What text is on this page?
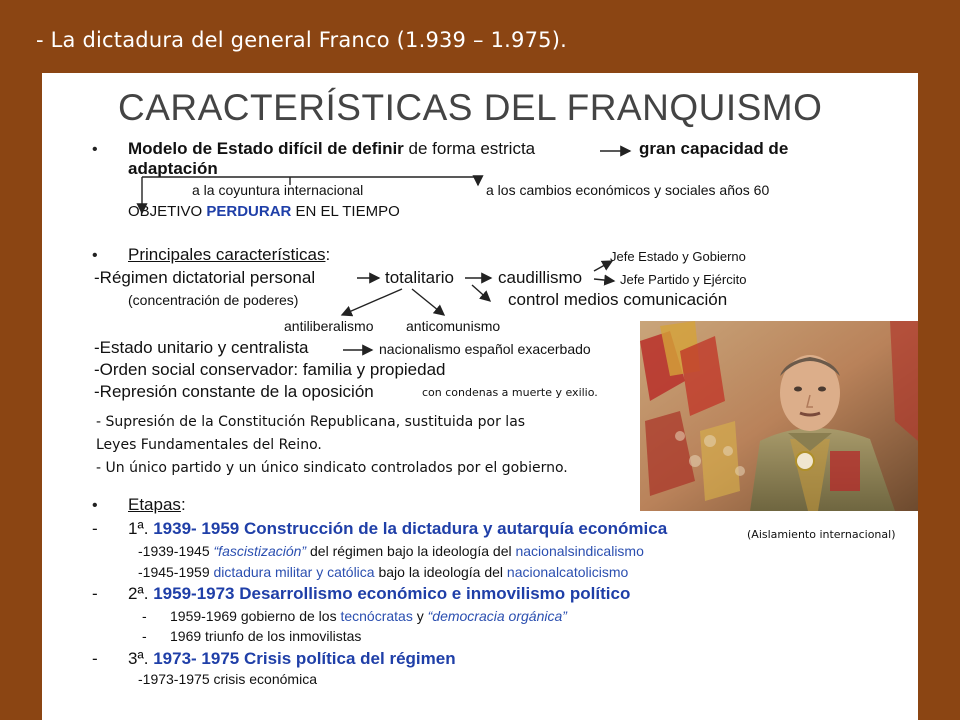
- La dictadura del general Franco (1.939 – 1.975).
CARACTERÍSTICAS DEL FRANQUISMO
• Modelo de Estado difícil de definir de forma estricta	gran capacidad de
adaptación
a la coyuntura internacional	a los cambios económicos y sociales años 60
OBJETIVO PERDURAR EN EL TIEMPO
• Principales características:	Jefe Estado y Gobierno
-Régimen dictatorial personal	totalitario	caudillismo	Jefe Partido y Ejército
(concentración de poderes)	control medios comunicación
antiliberalismo anticomunismo
-Estado unitario y centralista	nacionalismo español exacerbado
-Orden social conservador: familia y propiedad
-Represión constante de la oposición	con condenas a muerte y exilio.
- Supresión de la Constitución Republicana, sustituida por las
Leyes Fundamentales del Reino.
- Un único partido y un único sindicato controlados por el gobierno.
(Aislamiento internacional)
• Etapas:
- 1ª. 1939- 1959 Construcción de la dictadura y autarquía económica
-1939-1945 “fascistización” del régimen bajo la ideología del nacionalsindicalismo
-1945-1959 dictadura militar y católica bajo la ideología del nacionalcatolicismo
- 2ª. 1959-1973 Desarrollismo económico e inmovilismo político
- 1959-1969 gobierno de los tecnócratas y “democracia orgánica”
- 1969 triunfo de los inmovilistas
- 3ª. 1973- 1975 Crisis política del régimen
-1973-1975 crisis económica
